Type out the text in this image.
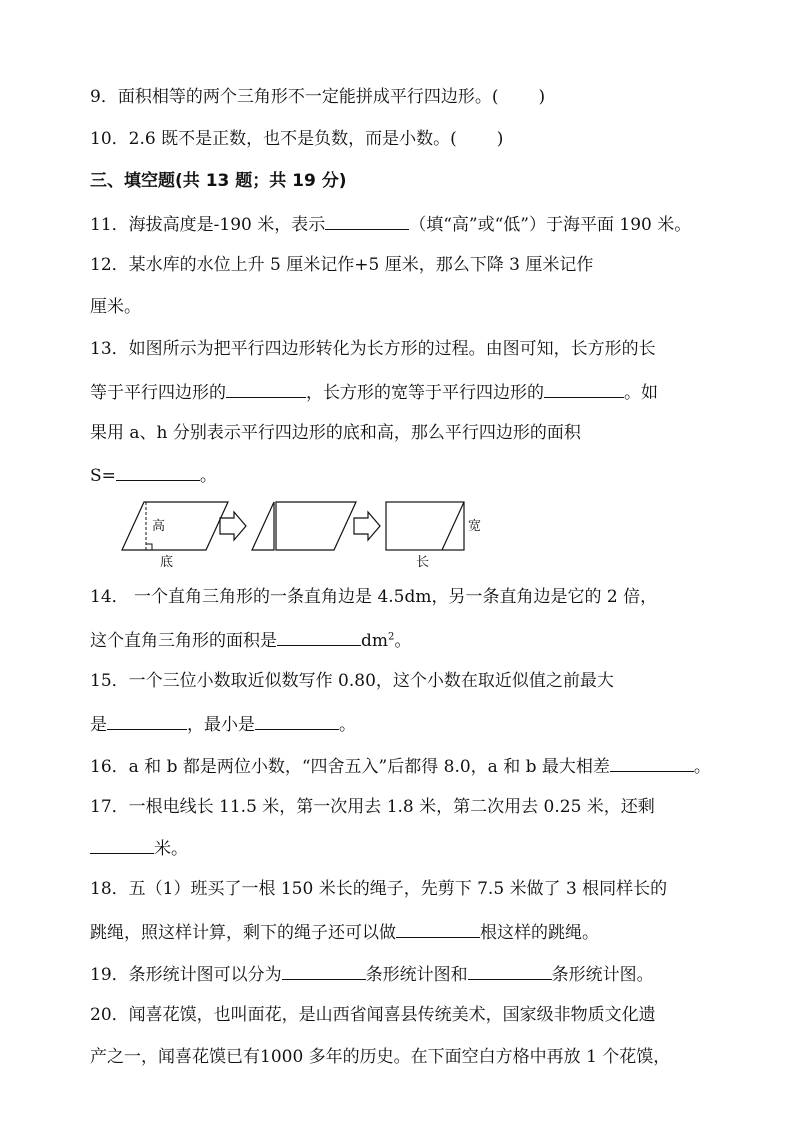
9．面积相等的两个三角形不一定能拼成平行四边形。( )
10．2.6 既不是正数，也不是负数，而是小数。( )
三、填空题(共 13 题；共 19 分)
11．海拔高度是-190 米，表示	（填“高”或“低”）于海平面 190 米。
12．某水库的水位上升 5 厘米记作+5 厘米，那么下降 3 厘米记作
厘米。
13．如图所示为把平行四边形转化为长方形的过程。由图可知，长方形的长
等于平行四边形的	，长方形的宽等于平行四边形的	。如
果用 a、h 分别表示平行四边形的底和高，那么平行四边形的面积
S=	。
高
底
宽
长
14． 一个直角三角形的一条直角边是 4.5dm，另一条直角边是它的 2 倍，
这个直角三角形的面积是	$dm^2$。
15．一个三位小数取近似数写作 0.80，这个小数在取近似值之前最大
是	，最小是	。
16．a 和 b 都是两位小数，“四舍五入”后都得 8.0，a 和 b 最大相差	。
17．一根电线长 11.5 米，第一次用去 1.8 米，第二次用去 0.25 米，还剩
米。
18．五（1）班买了一根 150 米长的绳子，先剪下 7.5 米做了 3 根同样长的
跳绳，照这样计算，剩下的绳子还可以做	根这样的跳绳。
19．条形统计图可以分为	条形统计图和	条形统计图。
20．闻喜花馍，也叫面花，是山西省闻喜县传统美术，国家级非物质文化遗
产之一，闻喜花馍已有1000 多年的历史。在下面空白方格中再放 1 个花馍，
